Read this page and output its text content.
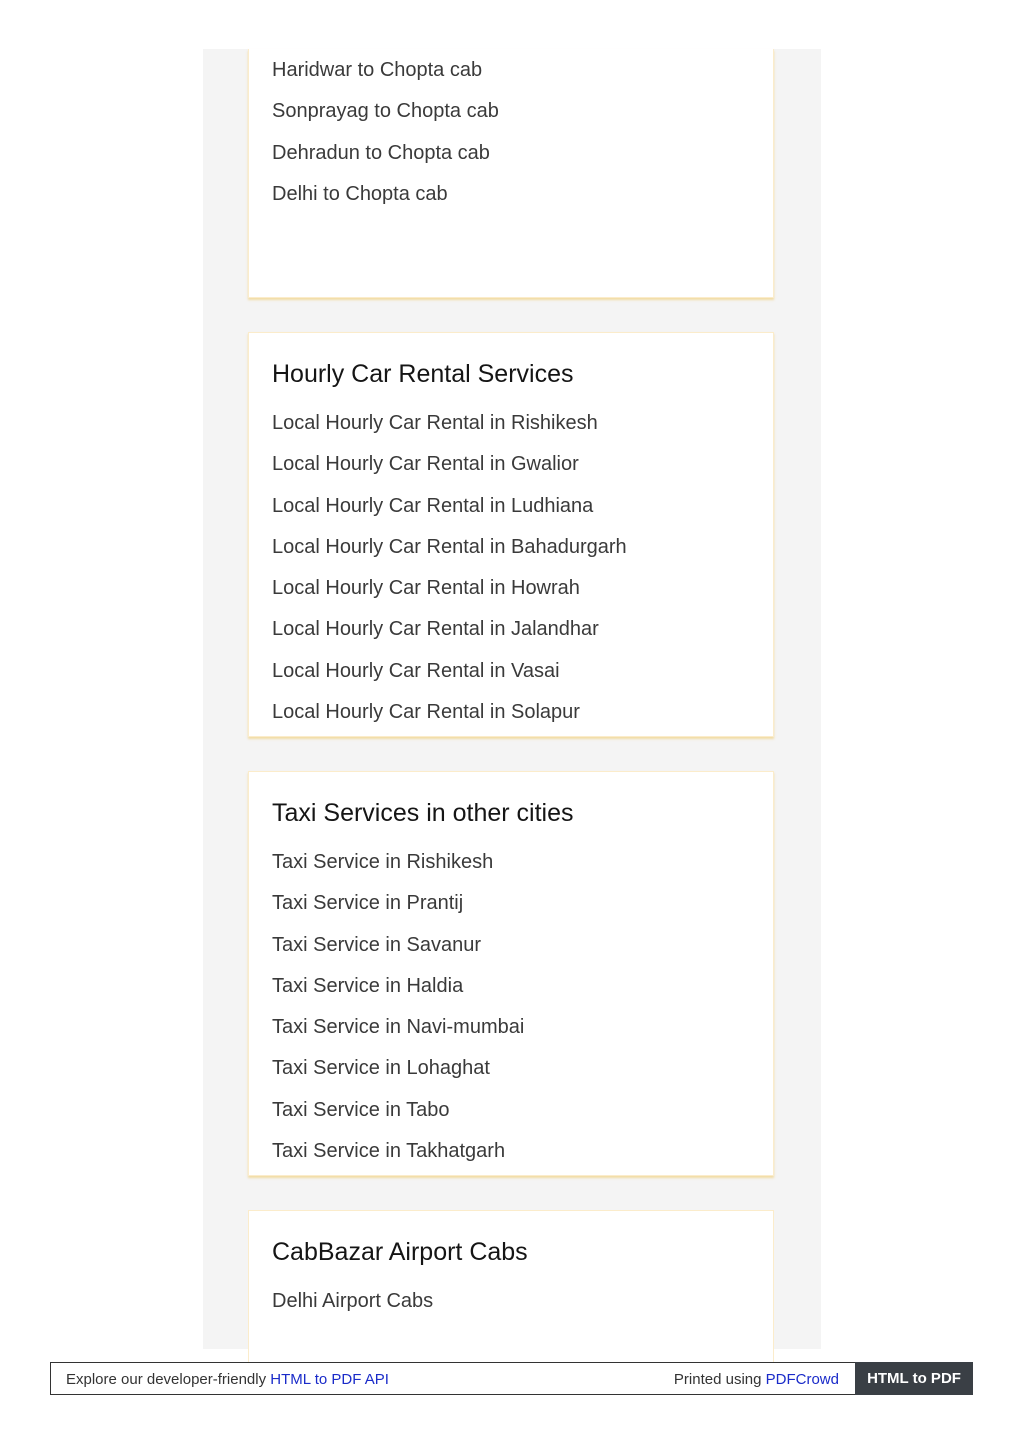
Haridwar to Chopta cab
Sonprayag to Chopta cab
Dehradun to Chopta cab
Delhi to Chopta cab
Hourly Car Rental Services
Local Hourly Car Rental in Rishikesh
Local Hourly Car Rental in Gwalior
Local Hourly Car Rental in Ludhiana
Local Hourly Car Rental in Bahadurgarh
Local Hourly Car Rental in Howrah
Local Hourly Car Rental in Jalandhar
Local Hourly Car Rental in Vasai
Local Hourly Car Rental in Solapur
Taxi Services in other cities
Taxi Service in Rishikesh
Taxi Service in Prantij
Taxi Service in Savanur
Taxi Service in Haldia
Taxi Service in Navi-mumbai
Taxi Service in Lohaghat
Taxi Service in Tabo
Taxi Service in Takhatgarh
CabBazar Airport Cabs
Delhi Airport Cabs
Explore our developer-friendly HTML to PDF API	Printed using PDFCrowd	HTML to PDF
